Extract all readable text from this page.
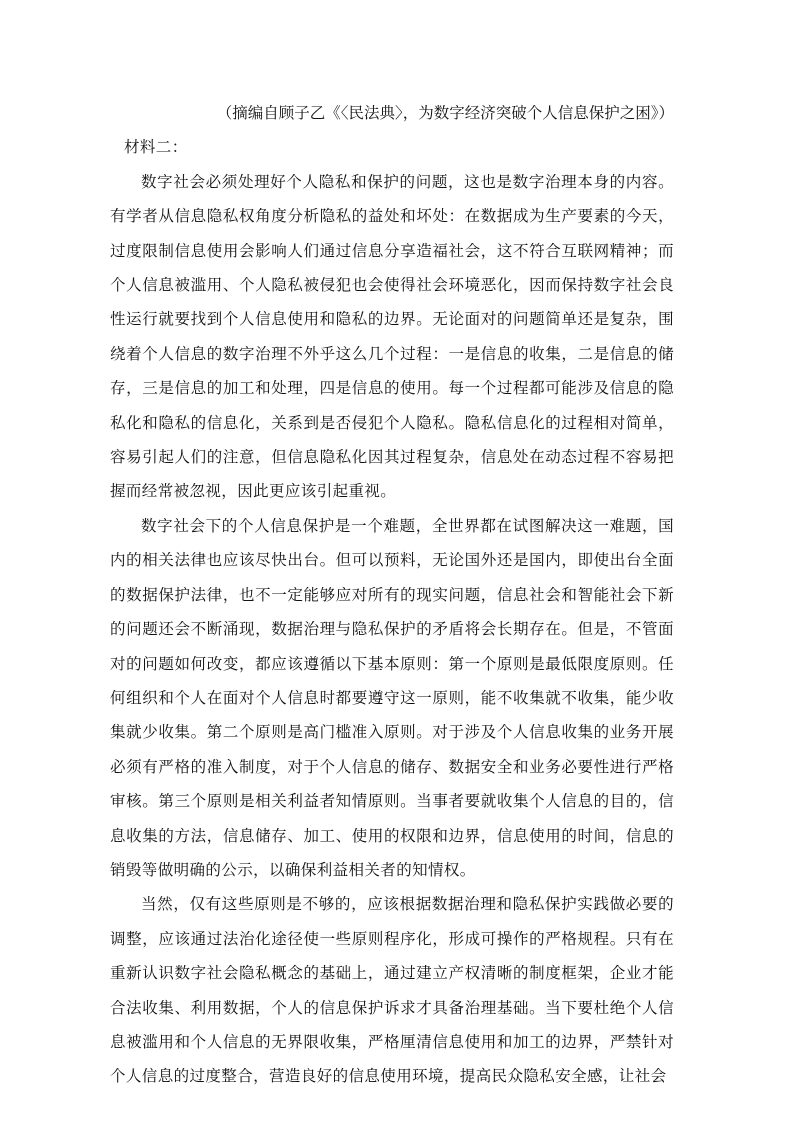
（摘编自顾子乙《〈民法典〉，为数字经济突破个人信息保护之困》）

材料二：

数字社会必须处理好个人隐私和保护的问题，这也是数字治理本身的内容。有学者从信息隐私权角度分析隐私的益处和坏处：在数据成为生产要素的今天，过度限制信息使用会影响人们通过信息分享造福社会，这不符合互联网精神；而个人信息被滥用、个人隐私被侵犯也会使得社会环境恶化，因而保持数字社会良性运行就要找到个人信息使用和隐私的边界。无论面对的问题简单还是复杂，围绕着个人信息的数字治理不外乎这么几个过程：一是信息的收集，二是信息的储存，三是信息的加工和处理，四是信息的使用。每一个过程都可能涉及信息的隐私化和隐私的信息化，关系到是否侵犯个人隐私。隐私信息化的过程相对简单，容易引起人们的注意，但信息隐私化因其过程复杂，信息处在动态过程不容易把握而经常被忽视，因此更应该引起重视。

数字社会下的个人信息保护是一个难题，全世界都在试图解决这一难题，国内的相关法律也应该尽快出台。但可以预料，无论国外还是国内，即使出台全面的数据保护法律，也不一定能够应对所有的现实问题，信息社会和智能社会下新的问题还会不断涌现，数据治理与隐私保护的矛盾将会长期存在。但是，不管面对的问题如何改变，都应该遵循以下基本原则：第一个原则是最低限度原则。任何组织和个人在面对个人信息时都要遵守这一原则，能不收集就不收集，能少收集就少收集。第二个原则是高门槛准入原则。对于涉及个人信息收集的业务开展必须有严格的准入制度，对于个人信息的储存、数据安全和业务必要性进行严格审核。第三个原则是相关利益者知情原则。当事者要就收集个人信息的目的，信息收集的方法，信息储存、加工、使用的权限和边界，信息使用的时间，信息的销毁等做明确的公示，以确保利益相关者的知情权。

当然，仅有这些原则是不够的，应该根据数据治理和隐私保护实践做必要的调整，应该通过法治化途径使一些原则程序化，形成可操作的严格规程。只有在重新认识数字社会隐私概念的基础上，通过建立产权清晰的制度框架，企业才能合法收集、利用数据，个人的信息保护诉求才具备治理基础。当下要杜绝个人信息被滥用和个人信息的无界限收集，严格厘清信息使用和加工的边界，严禁针对个人信息的过度整合，营造良好的信息使用环境，提高民众隐私安全感，让社会
